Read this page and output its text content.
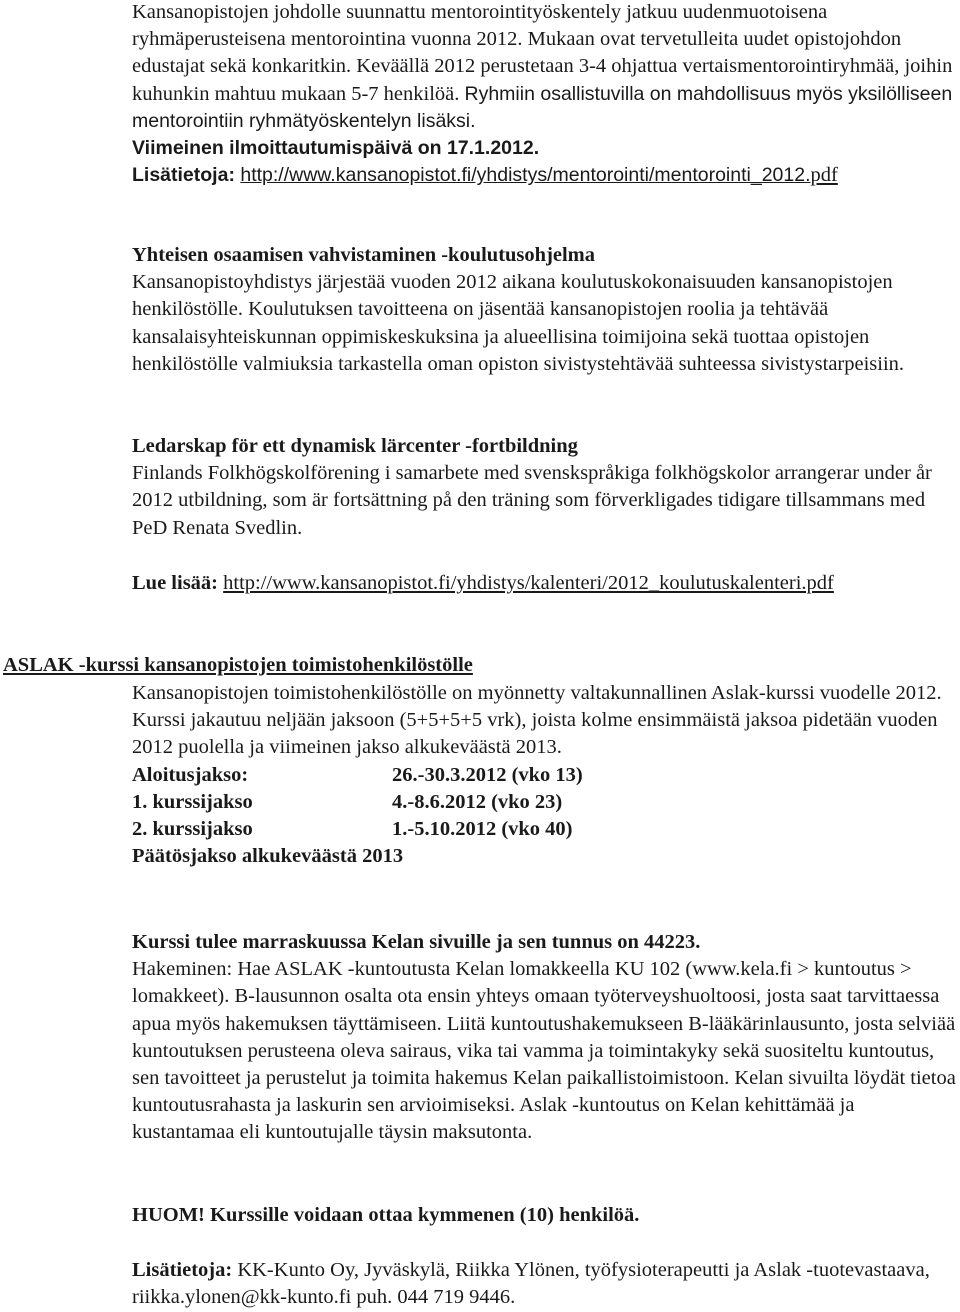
Kansanopistojen johdolle suunnattu mentorointityöskentely jatkuu uudenmuotoisena ryhmäperusteisena mentorointina vuonna 2012. Mukaan ovat tervetulleita uudet opistojohdon edustajat sekä konkaritkin. Keväällä 2012 perustetaan 3-4 ohjattua vertaismentorointiryhmää, joihin kuhunkin mahtuu mukaan 5-7 henkilöä. Ryhmiin osallistuvilla on mahdollisuus myös yksilölliseen mentorointiin ryhmätyöskentelyn lisäksi.

Viimeinen ilmoittautumispäivä on 17.1.2012.

Lisätietoja: http://www.kansanopistot.fi/yhdistys/mentorointi/mentorointi_2012.pdf

Yhteisen osaamisen vahvistaminen -koulutusohjelma

Kansanopistoyhdistys järjestää vuoden 2012 aikana koulutuskokonaisuuden kansanopistojen henkilöstölle. Koulutuksen tavoitteena on jäsentää kansanopistojen roolia ja tehtävää kansalaisyhteiskunnan oppimiskeskuksina ja alueellisina toimijoina sekä tuottaa opistojen henkilöstölle valmiuksia tarkastella oman opiston sivistystehtävää suhteessa sivistystarpeisiin.

Ledarskap för ett dynamisk lärcenter -fortbildning

Finlands Folkhögskolförening i samarbete med svenskspråkiga folkhögskolor arrangerar under år 2012 utbildning, som är fortsättning på den träning som förverkligades tidigare tillsammans med PeD Renata Svedlin.

Lue lisää: http://www.kansanopistot.fi/yhdistys/kalenteri/2012_koulutuskalenteri.pdf

ASLAK -kurssi kansanopistojen toimistohenkilöstölle

Kansanopistojen toimistohenkilöstölle on myönnetty valtakunnallinen Aslak-kurssi vuodelle 2012. Kurssi jakautuu neljään jaksoon (5+5+5+5 vrk), joista kolme ensimmäistä jaksoa pidetään vuoden 2012 puolella ja viimeinen jakso alkukeväästä 2013.

Aloitusjakso:	26.-30.3.2012 (vko 13)
1. kurssijakso	4.-8.6.2012 (vko 23)
2. kurssijakso	1.-5.10.2012 (vko 40)

Päätösjakso alkukeväästä 2013

Kurssi tulee marraskuussa Kelan sivuille ja sen tunnus on 44223.

Hakeminen: Hae ASLAK -kuntoutusta Kelan lomakkeella KU 102 (www.kela.fi > kuntoutus > lomakkeet). B-lausunnon osalta ota ensin yhteys omaan työterveyshuoltoosi, josta saat tarvittaessa apua myös hakemuksen täyttämiseen. Liitä kuntoutushakemukseen B-lääkärinlausunto, josta selviää kuntoutuksen perusteena oleva sairaus, vika tai vamma ja toimintakyky sekä suositeltu kuntoutus, sen tavoitteet ja perustelut ja toimita hakemus Kelan paikallistoimistoon. Kelan sivuilta löydät tietoa kuntoutusrahasta ja laskurin sen arvioimiseksi. Aslak -kuntoutus on Kelan kehittämää ja kustantamaa eli kuntoutujalle täysin maksutonta.

HUOM! Kurssille voidaan ottaa kymmenen (10) henkilöä.

Lisätietoja: KK-Kunto Oy, Jyväskylä, Riikka Ylönen, työfysioterapeutti ja Aslak -tuotevastaava, riikka.ylonen@kk-kunto.fi puh. 044 719 9446.
